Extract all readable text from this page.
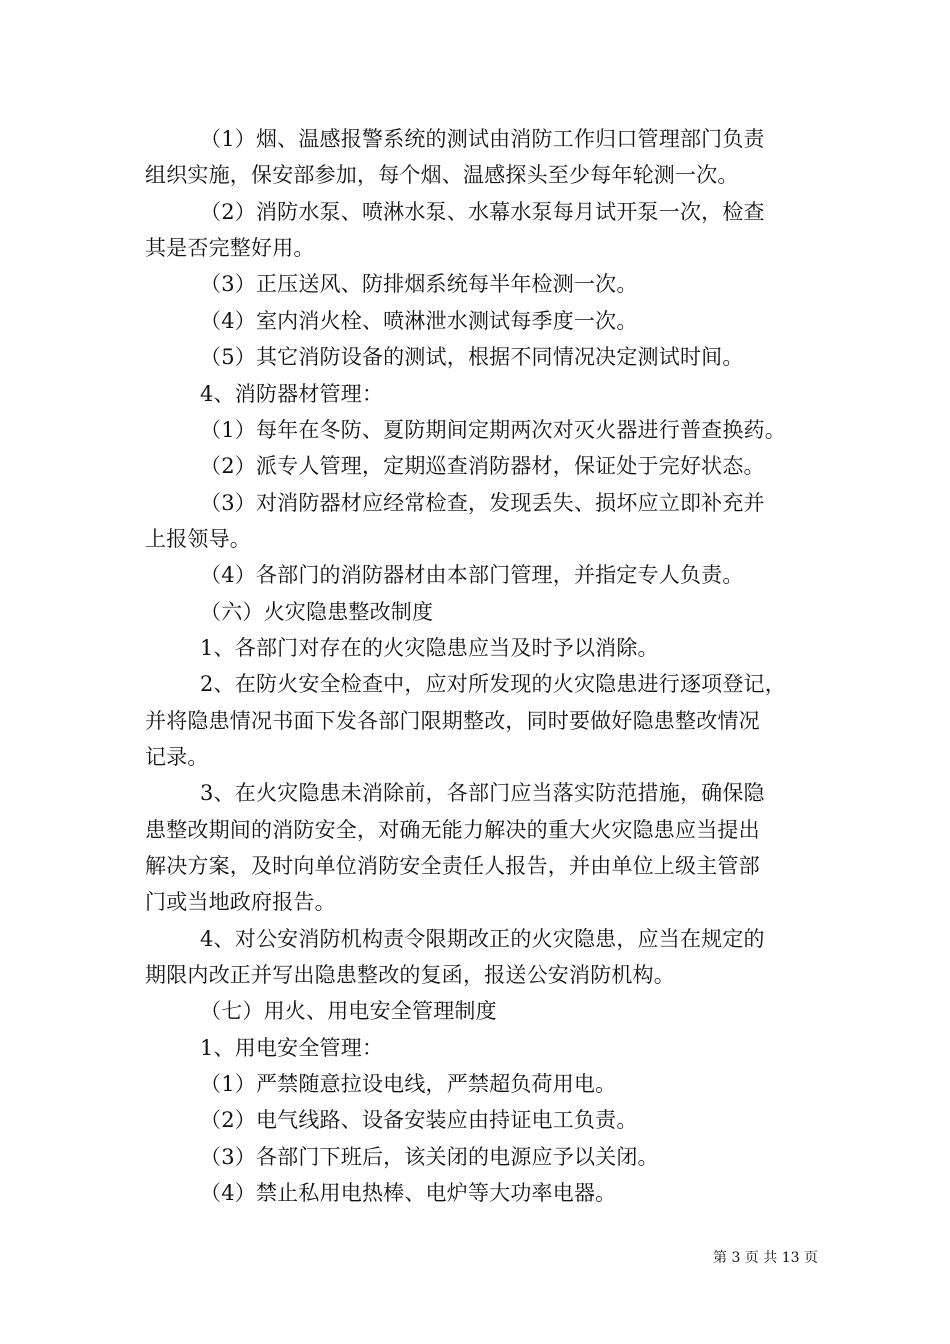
（1）烟、温感报警系统的测试由消防工作归口管理部门负责
组织实施，保安部参加，每个烟、温感探头至少每年轮测一次。
（2）消防水泵、喷淋水泵、水幕水泵每月试开泵一次，检查
其是否完整好用。
（3）正压送风、防排烟系统每半年检测一次。
（4）室内消火栓、喷淋泄水测试每季度一次。
（5）其它消防设备的测试，根据不同情况决定测试时间。
4、消防器材管理：
（1）每年在冬防、夏防期间定期两次对灭火器进行普查换药。
（2）派专人管理，定期巡查消防器材，保证处于完好状态。
（3）对消防器材应经常检查，发现丢失、损坏应立即补充并
上报领导。
（4）各部门的消防器材由本部门管理，并指定专人负责。
（六）火灾隐患整改制度
1、各部门对存在的火灾隐患应当及时予以消除。
2、在防火安全检查中，应对所发现的火灾隐患进行逐项登记，
并将隐患情况书面下发各部门限期整改，同时要做好隐患整改情况
记录。
3、在火灾隐患未消除前，各部门应当落实防范措施，确保隐
患整改期间的消防安全，对确无能力解决的重大火灾隐患应当提出
解决方案，及时向单位消防安全责任人报告，并由单位上级主管部
门或当地政府报告。
4、对公安消防机构责令限期改正的火灾隐患，应当在规定的
期限内改正并写出隐患整改的复函，报送公安消防机构。
（七）用火、用电安全管理制度
1、用电安全管理：
（1）严禁随意拉设电线，严禁超负荷用电。
（2）电气线路、设备安装应由持证电工负责。
（3）各部门下班后，该关闭的电源应予以关闭。
（4）禁止私用电热棒、电炉等大功率电器。
第 3 页 共 13 页
